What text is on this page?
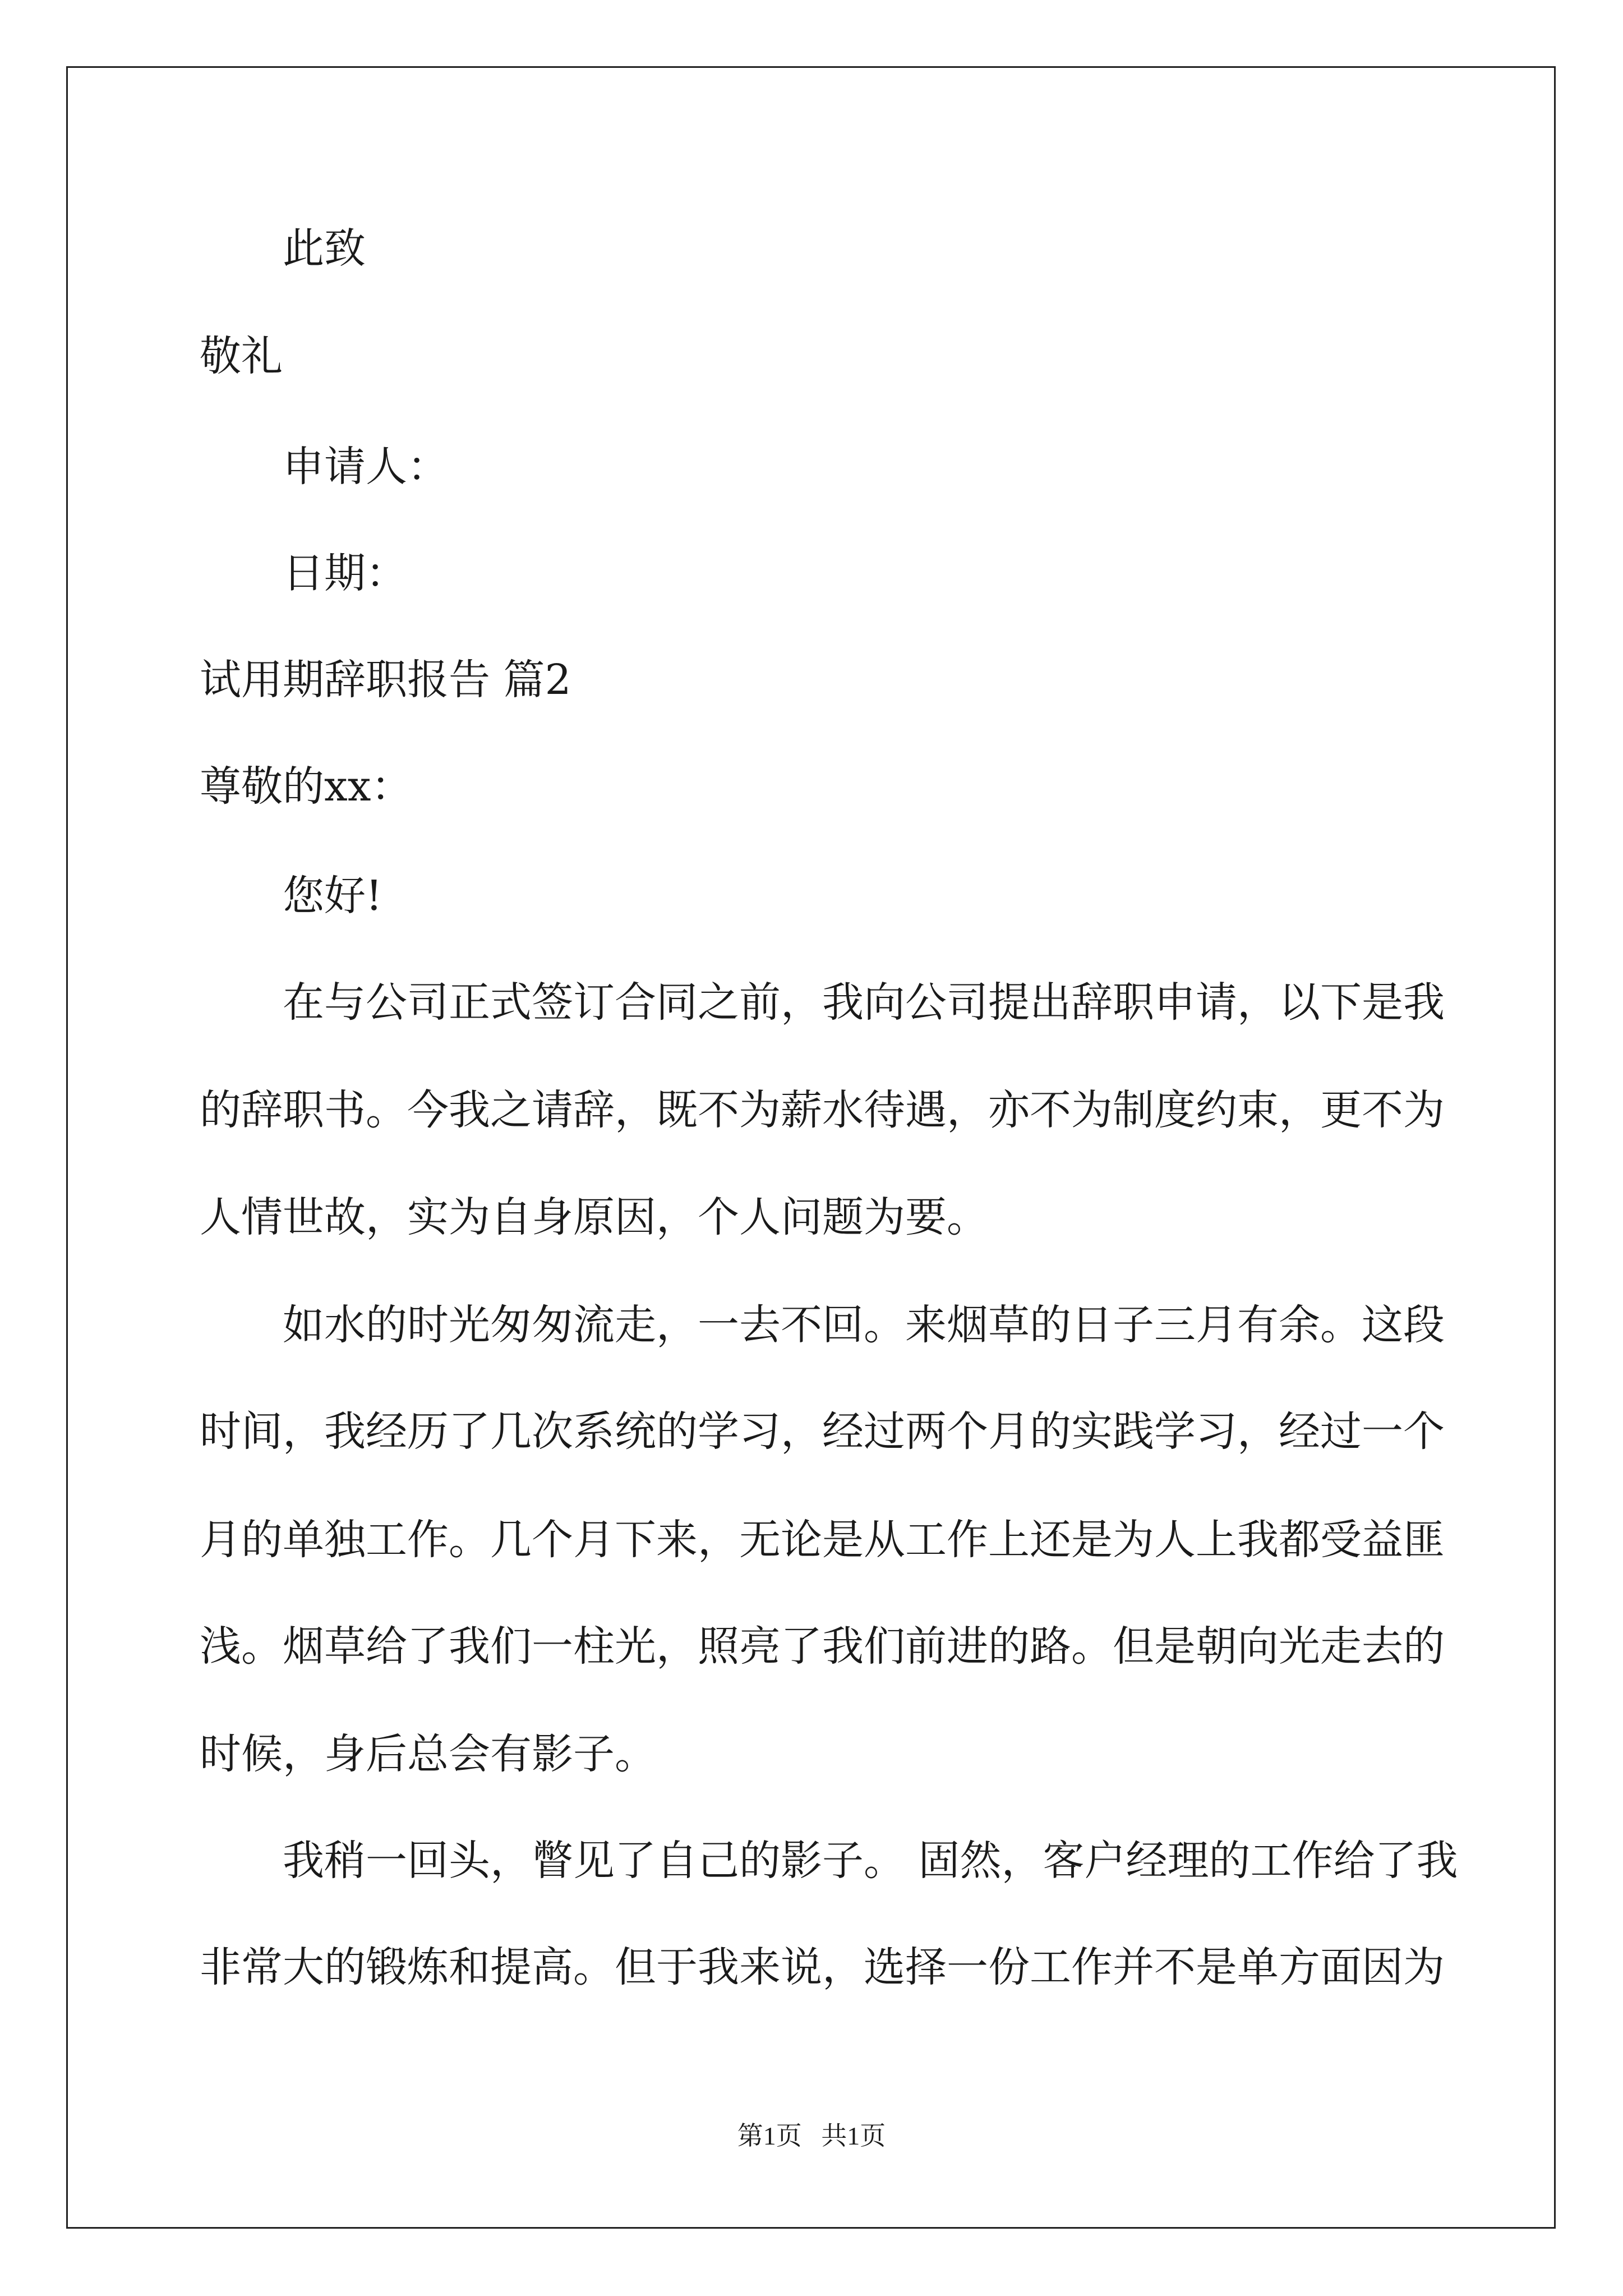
此致
敬礼
申请人：
日期：
试用期辞职报告 篇2
尊敬的xx：
您好!
在与公司正式签订合同之前，我向公司提出辞职申请，以下是我
的辞职书。今我之请辞，既不为薪水待遇，亦不为制度约束，更不为
人情世故，实为自身原因，个人问题为要。
如水的时光匆匆流走，一去不回。来烟草的日子三月有余。这段
时间，我经历了几次系统的学习，经过两个月的实践学习，经过一个
月的单独工作。几个月下来，无论是从工作上还是为人上我都受益匪
浅。烟草给了我们一柱光，照亮了我们前进的路。但是朝向光走去的
时候，身后总会有影子。
我稍一回头，瞥见了自己的影子。 固然，客户经理的工作给了我
非常大的锻炼和提高。但于我来说，选择一份工作并不是单方面因为
第1页   共1页
